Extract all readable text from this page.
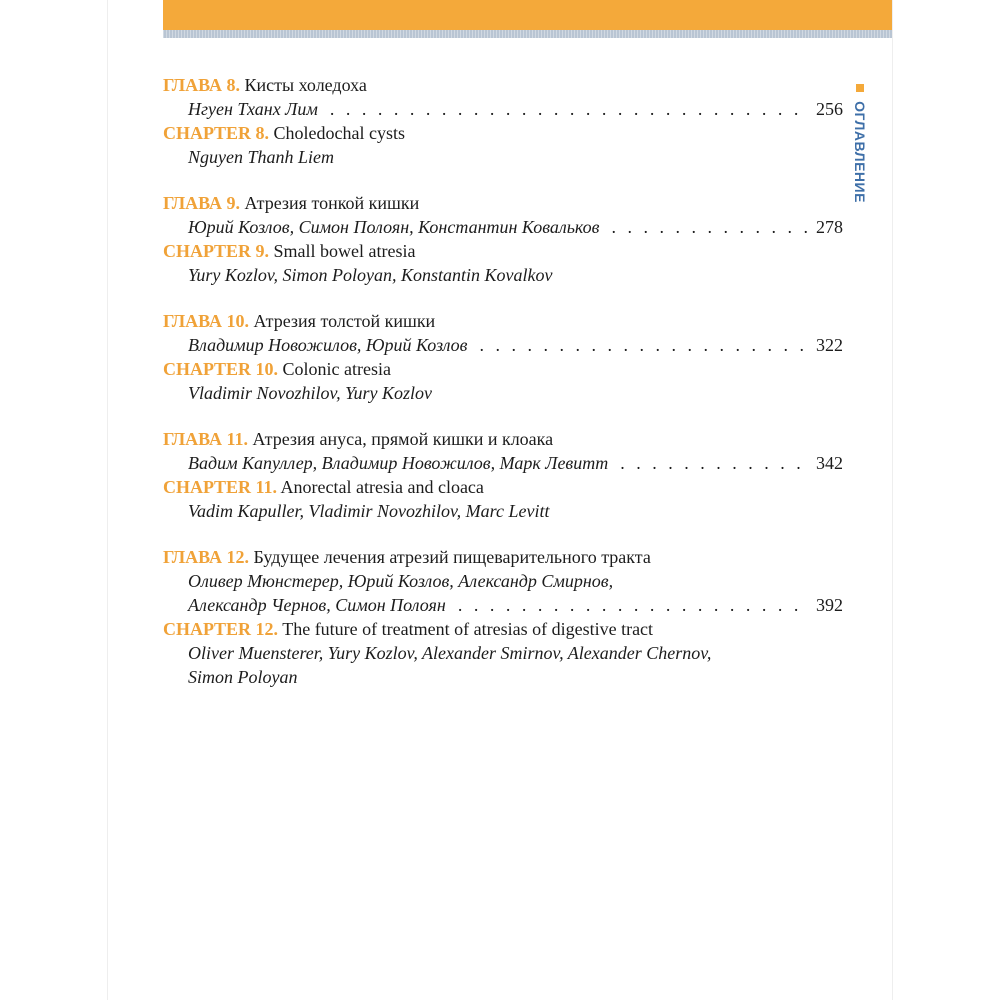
ОГЛАВЛЕНИЕ
ГЛАВА 8. Кисты холедоха
Нгуен Тханх Лим . . .	256
CHAPTER 8. Choledochal cysts
Nguyen Thanh Liem
ГЛАВА 9. Атрезия тонкой кишки
Юрий Козлов, Симон Полоян, Константин Ковальков . . .	278
CHAPTER 9. Small bowel atresia
Yury Kozlov, Simon Poloyan, Konstantin Kovalkov
ГЛАВА 10. Атрезия толстой кишки
Владимир Новожилов, Юрий Козлов . . .	322
CHAPTER 10. Colonic atresia
Vladimir Novozhilov, Yury Kozlov
ГЛАВА 11. Атрезия ануса, прямой кишки и клоака
Вадим Капуллер, Владимир Новожилов, Марк Левитт . . .	342
CHAPTER 11. Anorectal atresia and cloaca
Vadim Kapuller, Vladimir Novozhilov, Marc Levitt
ГЛАВА 12. Будущее лечения атрезий пищеварительного тракта
Оливер Мюнстерер, Юрий Козлов, Александр Смирнов,
Александр Чернов, Симон Полоян . . .	392
CHAPTER 12. The future of treatment of atresias of digestive tract
Oliver Muensterer, Yury Kozlov, Alexander Smirnov, Alexander Chernov,
Simon Poloyan
